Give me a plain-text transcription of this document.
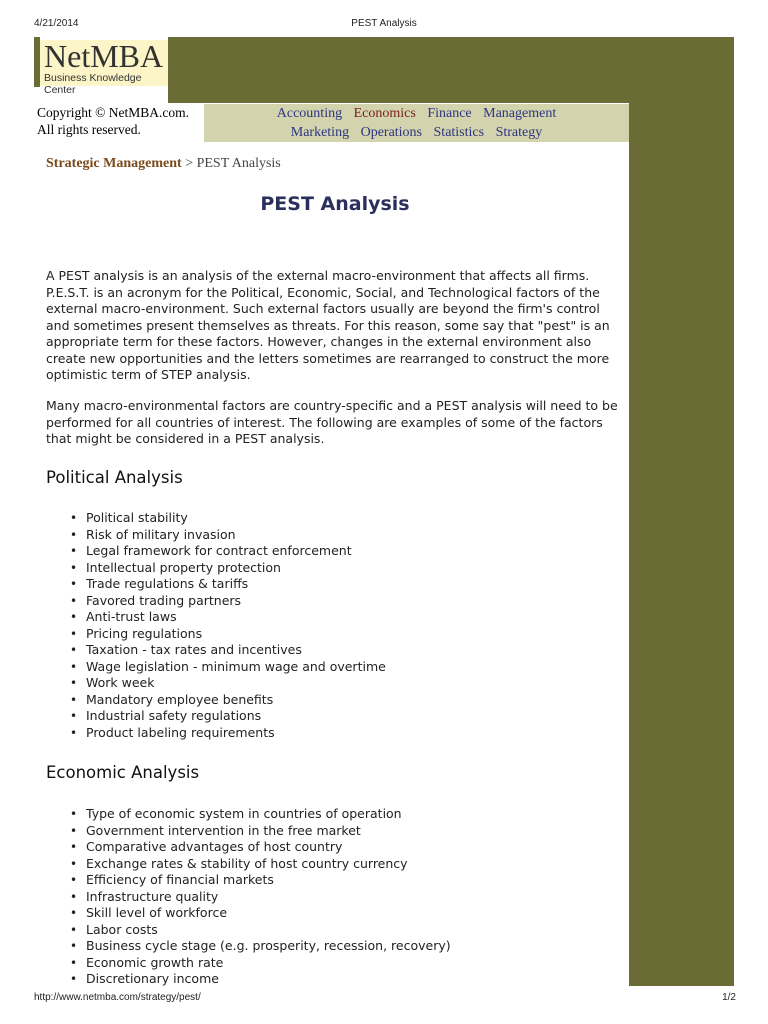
4/21/2014	PEST Analysis
NetMBA
Business Knowledge Center
Copyright © NetMBA.com.
All rights reserved.
Accounting Economics Finance Management
Marketing Operations Statistics Strategy
Strategic Management > PEST Analysis
PEST Analysis

A PEST analysis is an analysis of the external macro-environment that affects all firms. P.E.S.T. is an acronym for the Political, Economic, Social, and Technological factors of the external macro-environment. Such external factors usually are beyond the firm's control and sometimes present themselves as threats. For this reason, some say that "pest" is an appropriate term for these factors. However, changes in the external environment also create new opportunities and the letters sometimes are rearranged to construct the more optimistic term of STEP analysis.

Many macro-environmental factors are country-specific and a PEST analysis will need to be performed for all countries of interest. The following are examples of some of the factors that might be considered in a PEST analysis.

Political Analysis
• Political stability
• Risk of military invasion
• Legal framework for contract enforcement
• Intellectual property protection
• Trade regulations & tariffs
• Favored trading partners
• Anti-trust laws
• Pricing regulations
• Taxation - tax rates and incentives
• Wage legislation - minimum wage and overtime
• Work week
• Mandatory employee benefits
• Industrial safety regulations
• Product labeling requirements
Economic Analysis
• Type of economic system in countries of operation
• Government intervention in the free market
• Comparative advantages of host country
• Exchange rates & stability of host country currency
• Efficiency of financial markets
• Infrastructure quality
• Skill level of workforce
• Labor costs
• Business cycle stage (e.g. prosperity, recession, recovery)
• Economic growth rate
• Discretionary income
http://www.netmba.com/strategy/pest/	1/2
